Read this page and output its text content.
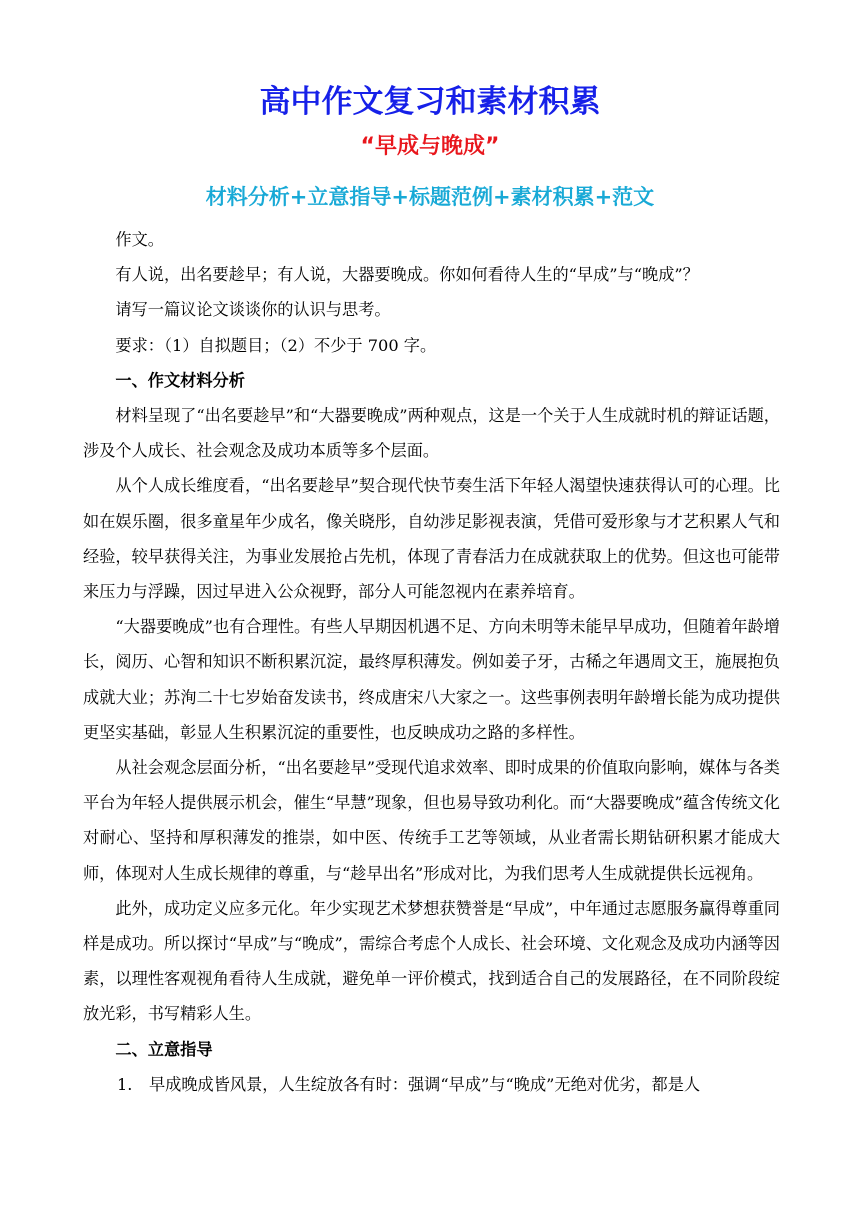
高中作文复习和素材积累
“早成与晚成”
材料分析+立意指导+标题范例+素材积累+范文

作文。

有人说，出名要趁早；有人说，大器要晚成。你如何看待人生的“早成”与“晚成”？

请写一篇议论文谈谈你的认识与思考。

要求：（1）自拟题目；（2）不少于 700 字。

一、作文材料分析

材料呈现了“出名要趁早”和“大器要晚成”两种观点，这是一个关于人生成就时机的辩证话题，涉及个人成长、社会观念及成功本质等多个层面。

从个人成长维度看，“出名要趁早”契合现代快节奏生活下年轻人渴望快速获得认可的心理。比如在娱乐圈，很多童星年少成名，像关晓彤，自幼涉足影视表演，凭借可爱形象与才艺积累人气和经验，较早获得关注，为事业发展抢占先机，体现了青春活力在成就获取上的优势。但这也可能带来压力与浮躁，因过早进入公众视野，部分人可能忽视内在素养培育。

“大器要晚成”也有合理性。有些人早期因机遇不足、方向未明等未能早早成功，但随着年龄增长，阅历、心智和知识不断积累沉淀，最终厚积薄发。例如姜子牙，古稀之年遇周文王，施展抱负成就大业；苏洵二十七岁始奋发读书，终成唐宋八大家之一。这些事例表明年龄增长能为成功提供更坚实基础，彰显人生积累沉淀的重要性，也反映成功之路的多样性。

从社会观念层面分析，“出名要趁早”受现代追求效率、即时成果的价值取向影响，媒体与各类平台为年轻人提供展示机会，催生“早慧”现象，但也易导致功利化。而“大器要晚成”蕴含传统文化对耐心、坚持和厚积薄发的推崇，如中医、传统手工艺等领域，从业者需长期钻研积累才能成大师，体现对人生成长规律的尊重，与“趁早出名”形成对比，为我们思考人生成就提供长远视角。

此外，成功定义应多元化。年少实现艺术梦想获赞誉是“早成”，中年通过志愿服务赢得尊重同样是成功。所以探讨“早成”与“晚成”，需综合考虑个人成长、社会环境、文化观念及成功内涵等因素，以理性客观视角看待人生成就，避免单一评价模式，找到适合自己的发展路径，在不同阶段绽放光彩，书写精彩人生。

二、立意指导

1.	早成晚成皆风景，人生绽放各有时：强调“早成”与“晚成”无绝对优劣，都是人
